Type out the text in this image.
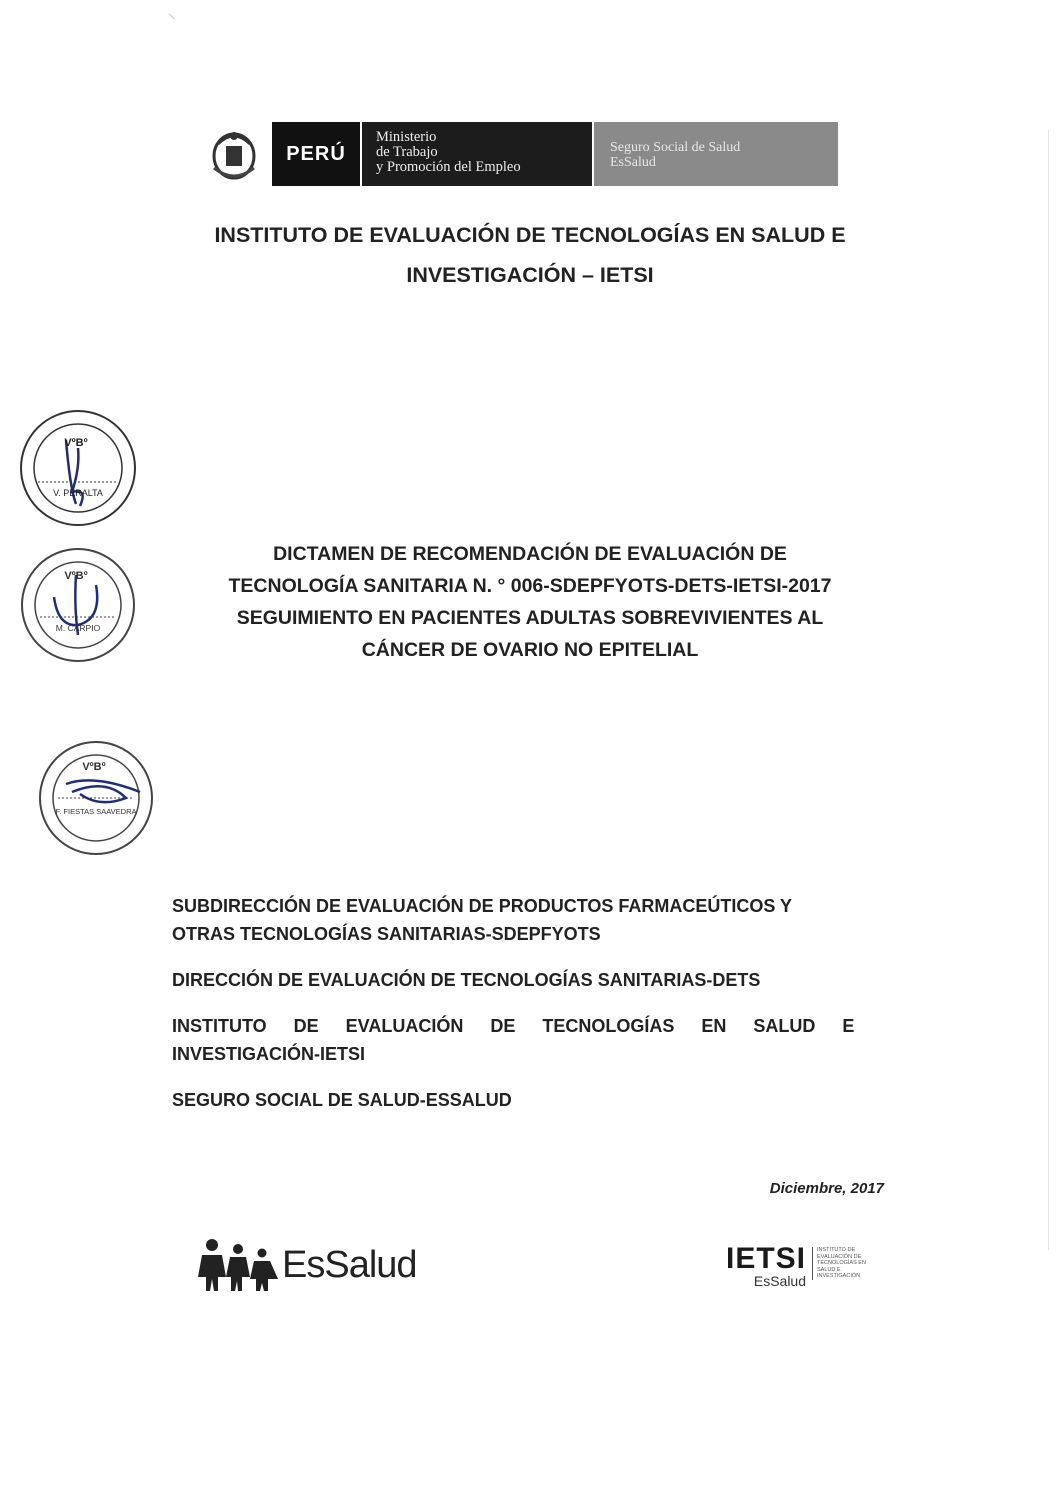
⸌
PERÚ
Ministerio
de Trabajo
y Promoción del Empleo
Seguro Social de Salud
EsSalud
INSTITUTO DE EVALUACIÓN DE TECNOLOGÍAS EN SALUD E
INVESTIGACIÓN – IETSI
VºBº
V. PERALTA
VºBº
M. CARPIO
VºBº
F. FIESTAS SAAVEDRA
DICTAMEN DE RECOMENDACIÓN DE EVALUACIÓN DE
TECNOLOGÍA SANITARIA N. ° 006-SDEPFYOTS-DETS-IETSI-2017
SEGUIMIENTO EN PACIENTES ADULTAS SOBREVIVIENTES AL
CÁNCER DE OVARIO NO EPITELIAL
SUBDIRECCIÓN DE EVALUACIÓN DE PRODUCTOS FARMACEÚTICOS Y
OTRAS TECNOLOGÍAS SANITARIAS-SDEPFYOTS
DIRECCIÓN DE EVALUACIÓN DE TECNOLOGÍAS SANITARIAS-DETS
INSTITUTO DE EVALUACIÓN DE TECNOLOGÍAS EN SALUD E
INVESTIGACIÓN-IETSI
SEGURO SOCIAL DE SALUD-ESSALUD
Diciembre, 2017
EsSalud	IETSI
EsSalud
INSTITUTO DE
EVALUACIÓN DE
TECNOLOGÍAS EN
SALUD E
INVESTIGACIÓN
